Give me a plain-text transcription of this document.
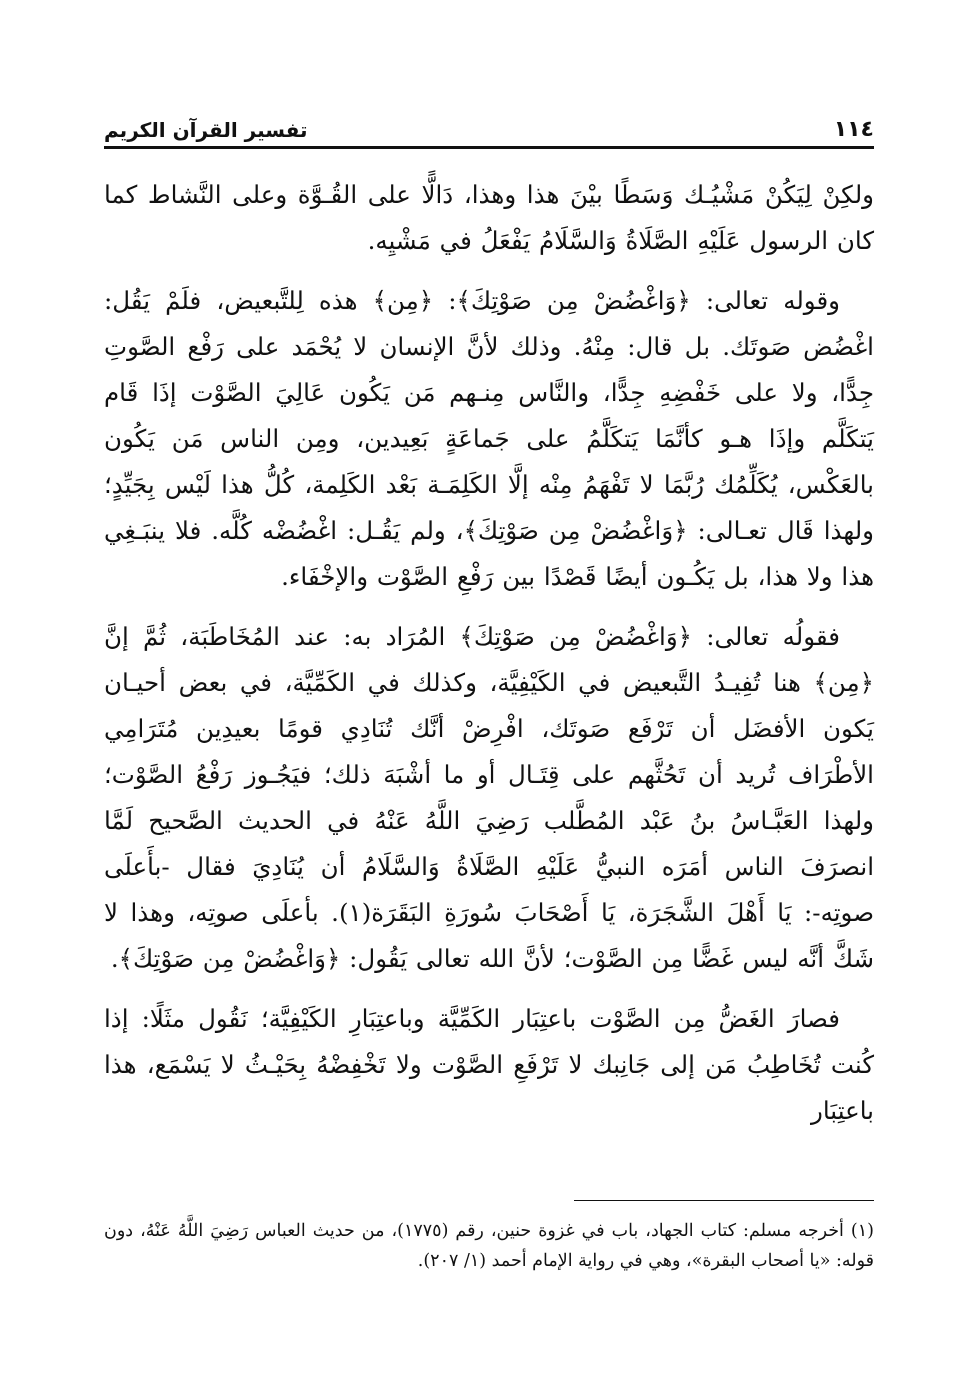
١١٤
تفسير القرآن الكريم

ولكِنْ لِيَكُنْ مَشْيُـك وَسَطًا بيْنَ هذا وهذا، دَالًّا على القُـوَّة وعلى النَّشاط كما كان الرسول عَلَيْهِ الصَّلَاةُ وَالسَّلَامُ يَفْعَلُ في مَشْيِه.

وقوله تعالى: ﴿وَاغْضُضْ مِن صَوْتِكَ﴾: ﴿مِن﴾ هذه لِلتَّبعيض، فلَمْ يَقُل: اغْضُض صَوتَك. بل قال: مِنْهُ. وذلك لأنَّ الإنسان لا يُحْمَد على رَفْع الصَّوتِ جِدًّا، ولا على خَفْضِهِ جِدًّا، والنَّاس مِنـهم مَن يَكُون عَالِيَ الصَّوْت إذَا قَام يَتكَلَّم وإذَا هـو كأنَّمَا يَتكَلَّمُ على جَماعَةٍ بَعِيدين، ومِن الناس مَن يَكُون بالعَكْس، يُكَلِّمُك رُبَّمَا لا تَفْهَمُ مِنْه إلَّا الكَلِمَـة بَعْد الكَلِمة، كُلُّ هذا لَيْس بِجَيِّدٍ؛ ولهذا قَال تعـالى: ﴿وَاغْضُضْ مِن صَوْتِكَ﴾، ولم يَقُـل: اغْضُضْه كُلَّه. فلا ينبَـغِي هذا ولا هذا، بل يَكُـون أيضًا قَصْدًا بين رَفْعِ الصَّوْت والإخْفَاء.

فقولُه تعالى: ﴿وَاغْضُضْ مِن صَوْتِكَ﴾ المُرَاد به: عند المُخَاطَبَة، ثُمَّ إنَّ ﴿مِن﴾ هنا تُفِيـدُ التَّبعيض في الكَيْفِيَّة، وكذلك في الكَمِّيَّة، في بعض أحيـان يَكون الأفضَل أن تَرْفَع صَوتَك، افْرِضْ أنَّك تُنَادِي قومًا بعيدِين مُتَرَامِي الأطْرَاف تُريد أن تَحُثَّهم على قِتَـال أو ما أشْبَهَ ذلك؛ فيَجُـوز رَفْعُ الصَّوْت؛ ولهذا العَبَّـاسُ بنُ عَبْد المُطَّلب رَضِيَ اللَّهُ عَنْهُ في الحديث الصَّحيح لَمَّا انصرَفَ الناس أمَرَه النبيُّ عَلَيْهِ الصَّلَاةُ وَالسَّلَامُ أن يُنَادِيَ فقال -بأَعلَى صوتِه-: يَا أَهْلَ الشَّجَرَة، يَا أَصْحَابَ سُورَةِ البَقَرَة(١). بأعلَى صوتِه، وهذا لا شَكَّ أنَّه ليس غَضًّا مِن الصَّوْت؛ لأنَّ الله تعالى يَقُول: ﴿وَاغْضُضْ مِن صَوْتِكَ﴾.

فصارَ الغَضُّ مِن الصَّوْت باعتِبَار الكَمِّيَّة وباعتِبَارِ الكَيْفِيَّة؛ نَقُول مثَلًا: إذا كُنت تُخَاطِبُ مَن إلى جَانِبك لا تَرْفَعِ الصَّوْت ولا تَخْفِضْهُ بِحَيْـثُ لا يَسْمَع، هذا باعتِبَار

(١) أخرجه مسلم: كتاب الجهاد، باب في غزوة حنين، رقم (١٧٧٥)، من حديث العباس رَضِيَ اللَّهُ عَنْهُ، دون قوله: «يا أصحاب البقرة»، وهي في رواية الإمام أحمد (١/ ٢٠٧).
